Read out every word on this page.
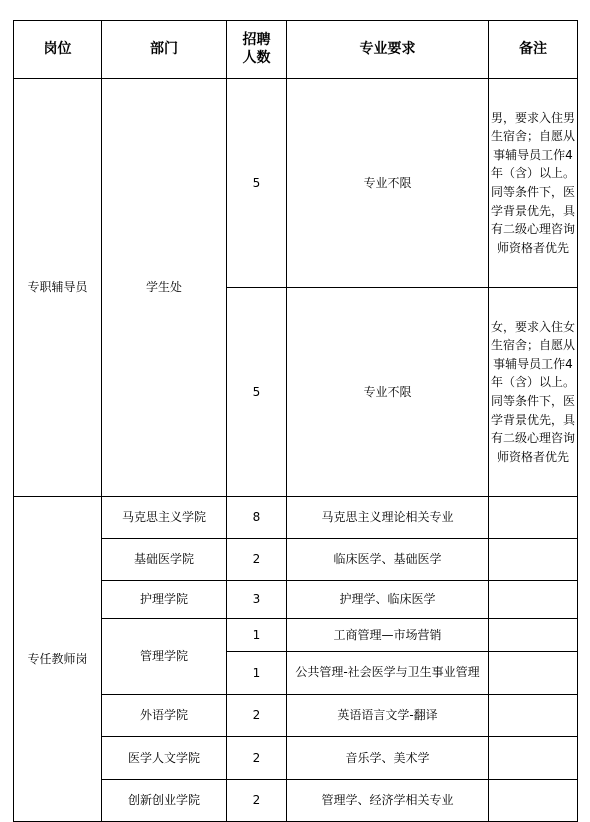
岗位	部门	招聘人数	专业要求	备注
专职辅导员	学生处	5	专业不限	男，要求入住男生宿舍；自愿从事辅导员工作4年（含）以上。同等条件下，医学背景优先，具有二级心理咨询师资格者优先
		5	专业不限	女，要求入住女生宿舍；自愿从事辅导员工作4年（含）以上。同等条件下，医学背景优先，具有二级心理咨询师资格者优先
专任教师岗	马克思主义学院	8	马克思主义理论相关专业	
	基础医学院	2	临床医学、基础医学	
	护理学院	3	护理学、临床医学	
	管理学院	1	工商管理—市场营销	
		1	公共管理-社会医学与卫生事业管理	
	外语学院	2	英语语言文学-翻译	
	医学人文学院	2	音乐学、美术学	
	创新创业学院	2	管理学、经济学相关专业	
